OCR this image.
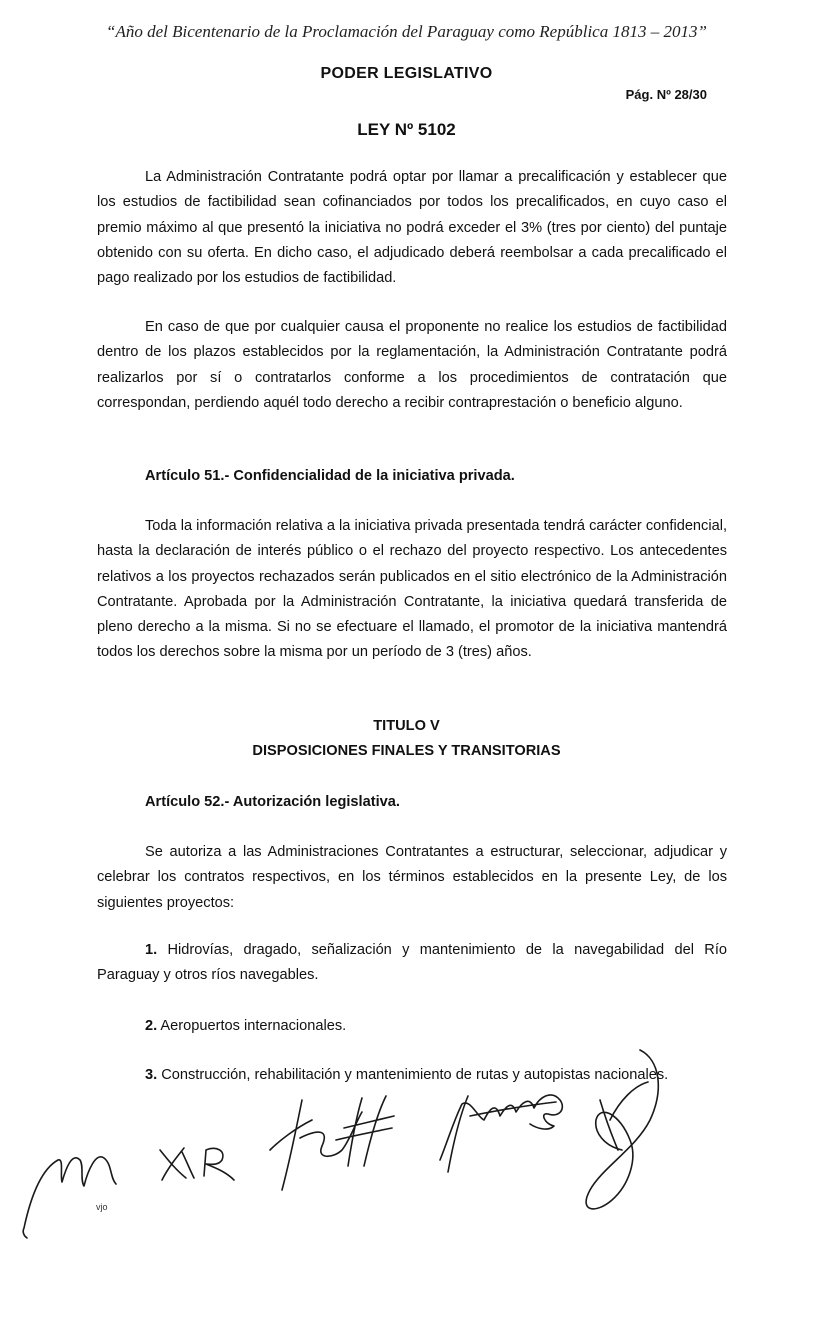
“Año del Bicentenario de la Proclamación del Paraguay como República 1813 – 2013”
PODER LEGISLATIVO
Pág. Nº 28/30
LEY Nº 5102

La Administración Contratante podrá optar por llamar a precalificación y establecer que los estudios de factibilidad sean cofinanciados por todos los precalificados, en cuyo caso el premio máximo al que presentó la iniciativa no podrá exceder el 3% (tres por ciento) del puntaje obtenido con su oferta. En dicho caso, el adjudicado deberá reembolsar a cada precalificado el pago realizado por los estudios de factibilidad.

En caso de que por cualquier causa el proponente no realice los estudios de factibilidad dentro de los plazos establecidos por la reglamentación, la Administración Contratante podrá realizarlos por sí o contratarlos conforme a los procedimientos de contratación que correspondan, perdiendo aquél todo derecho a recibir contraprestación o beneficio alguno.

Artículo 51.- Confidencialidad de la iniciativa privada.

Toda la información relativa a la iniciativa privada presentada tendrá carácter confidencial, hasta la declaración de interés público o el rechazo del proyecto respectivo. Los antecedentes relativos a los proyectos rechazados serán publicados en el sitio electrónico de la Administración Contratante. Aprobada por la Administración Contratante, la iniciativa quedará transferida de pleno derecho a la misma. Si no se efectuare el llamado, el promotor de la iniciativa mantendrá todos los derechos sobre la misma por un período de 3 (tres) años.

TITULO V
DISPOSICIONES FINALES Y TRANSITORIAS

Artículo 52.- Autorización legislativa.

Se autoriza a las Administraciones Contratantes a estructurar, seleccionar, adjudicar y celebrar los contratos respectivos, en los términos establecidos en la presente Ley, de los siguientes proyectos:

1. Hidrovías, dragado, señalización y mantenimiento de la navegabilidad del Río Paraguay y otros ríos navegables.

2. Aeropuertos internacionales.

3. Construcción, rehabilitación y mantenimiento de rutas y autopistas nacionales.

vjo
